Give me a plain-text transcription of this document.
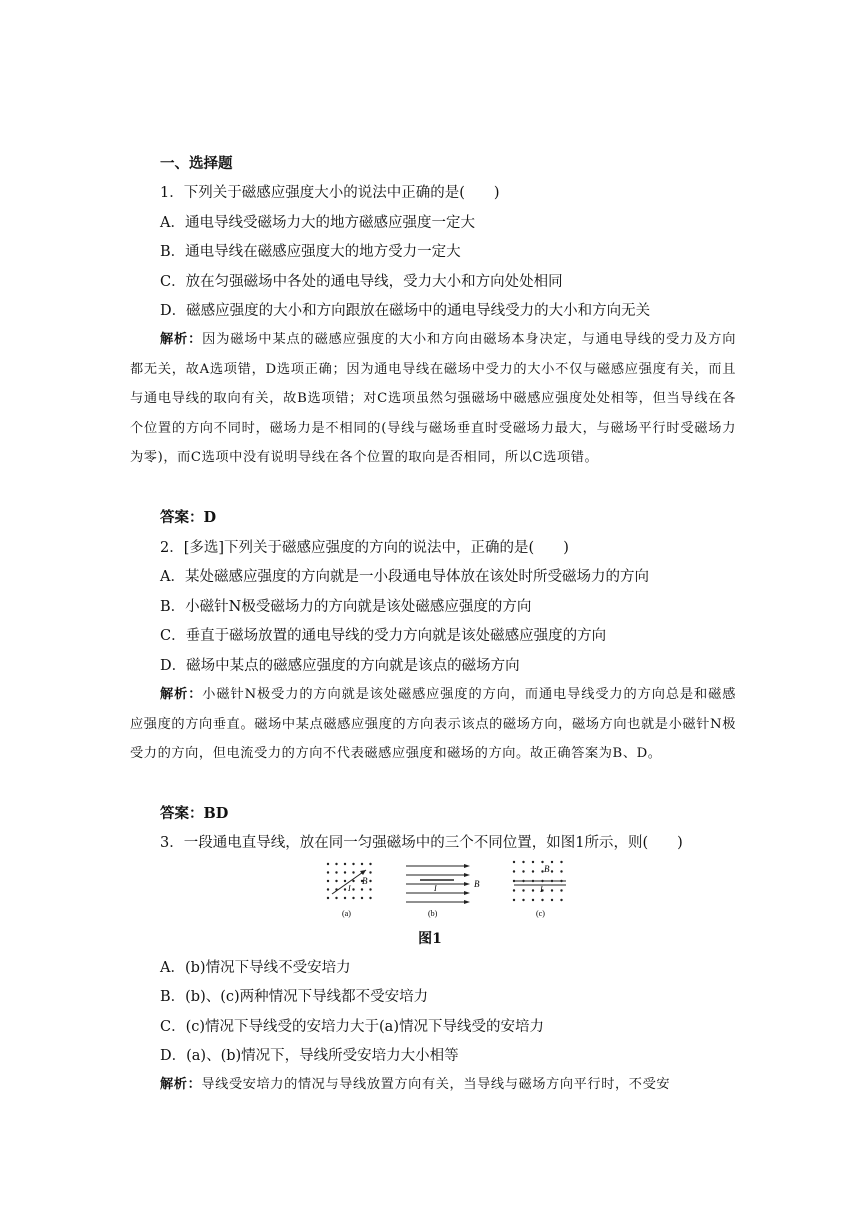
一、选择题
1．下列关于磁感应强度大小的说法中正确的是(　　)
A．通电导线受磁场力大的地方磁感应强度一定大
B．通电导线在磁感应强度大的地方受力一定大
C．放在匀强磁场中各处的通电导线，受力大小和方向处处相同
D．磁感应强度的大小和方向跟放在磁场中的通电导线受力的大小和方向无关
解析：因为磁场中某点的磁感应强度的大小和方向由磁场本身决定，与通电导线的受力及方向都无关，故A选项错，D选项正确；因为通电导线在磁场中受力的大小不仅与磁感应强度有关，而且与通电导线的取向有关，故B选项错；对C选项虽然匀强磁场中磁感应强度处处相等，但当导线在各个位置的方向不同时，磁场力是不相同的(导线与磁场垂直时受磁场力最大，与磁场平行时受磁场力为零)，而C选项中没有说明导线在各个位置的取向是否相同，所以C选项错。
答案：D
2．[多选]下列关于磁感应强度的方向的说法中，正确的是(　　)
A．某处磁感应强度的方向就是一小段通电导体放在该处时所受磁场力的方向
B．小磁针N极受磁场力的方向就是该处磁感应强度的方向
C．垂直于磁场放置的通电导线的受力方向就是该处磁感应强度的方向
D．磁场中某点的磁感应强度的方向就是该点的磁场方向
解析：小磁针N极受力的方向就是该处磁感应强度的方向，而通电导线受力的方向总是和磁感应强度的方向垂直。磁场中某点磁感应强度的方向表示该点的磁场方向，磁场方向也就是小磁针N极受力的方向，但电流受力的方向不代表磁感应强度和磁场的方向。故正确答案为B、D。
答案：BD
3．一段通电直导线，放在同一匀强磁场中的三个不同位置，如图1所示，则(　　)
B
I
(a)
B
I
(b)
B
I
(c)
图1
A．(b)情况下导线不受安培力
B．(b)、(c)两种情况下导线都不受安培力
C．(c)情况下导线受的安培力大于(a)情况下导线受的安培力
D．(a)、(b)情况下，导线所受安培力大小相等
解析：导线受安培力的情况与导线放置方向有关，当导线与磁场方向平行时，不受安
